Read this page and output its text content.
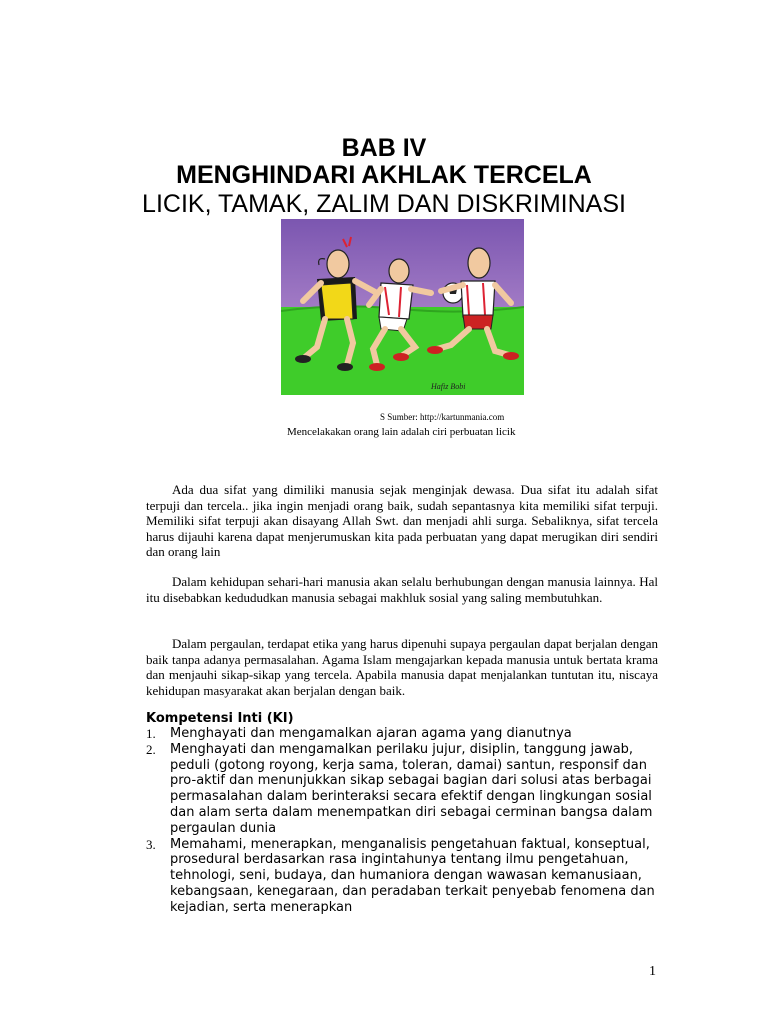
BAB IV
MENGHINDARI AKHLAK TERCELA
LICIK, TAMAK, ZALIM DAN DISKRIMINASI
Hafiz Bobi
S Sumber: http://kartunmania.com
Mencelakakan orang lain adalah ciri perbuatan licik

Ada dua sifat yang dimiliki manusia sejak menginjak dewasa. Dua sifat itu adalah sifat terpuji dan tercela.. jika ingin menjadi orang baik, sudah sepantasnya kita memiliki sifat terpuji. Memiliki sifat terpuji akan disayang Allah Swt. dan menjadi ahli surga. Sebaliknya, sifat tercela harus dijauhi karena dapat menjerumuskan kita pada perbuatan yang dapat merugikan diri sendiri dan orang lain

Dalam kehidupan sehari-hari manusia akan selalu berhubungan dengan manusia lainnya. Hal itu disebabkan kedududkan manusia sebagai makhluk sosial yang saling membutuhkan.

Dalam pergaulan, terdapat etika yang harus dipenuhi supaya pergaulan dapat berjalan dengan baik tanpa adanya permasalahan. Agama Islam mengajarkan kepada manusia untuk bertata krama dan menjauhi sikap-sikap yang tercela. Apabila manusia dapat menjalankan tuntutan itu, niscaya kehidupan masyarakat akan berjalan dengan baik.

Kompetensi Inti (KI)
1. Menghayati dan mengamalkan ajaran agama yang dianutnya
2. Menghayati dan mengamalkan perilaku jujur, disiplin, tanggung jawab, peduli (gotong royong, kerja sama, toleran, damai) santun, responsif dan pro-aktif dan menunjukkan sikap sebagai bagian dari solusi atas berbagai permasalahan dalam berinteraksi secara efektif dengan lingkungan sosial dan alam serta dalam menempatkan diri sebagai cerminan bangsa dalam pergaulan dunia
3. Memahami, menerapkan, menganalisis pengetahuan faktual, konseptual, prosedural berdasarkan rasa ingintahunya tentang ilmu pengetahuan, tehnologi, seni, budaya, dan humaniora dengan wawasan kemanusiaan, kebangsaan, kenegaraan, dan peradaban terkait penyebab fenomena dan kejadian, serta menerapkan
1
